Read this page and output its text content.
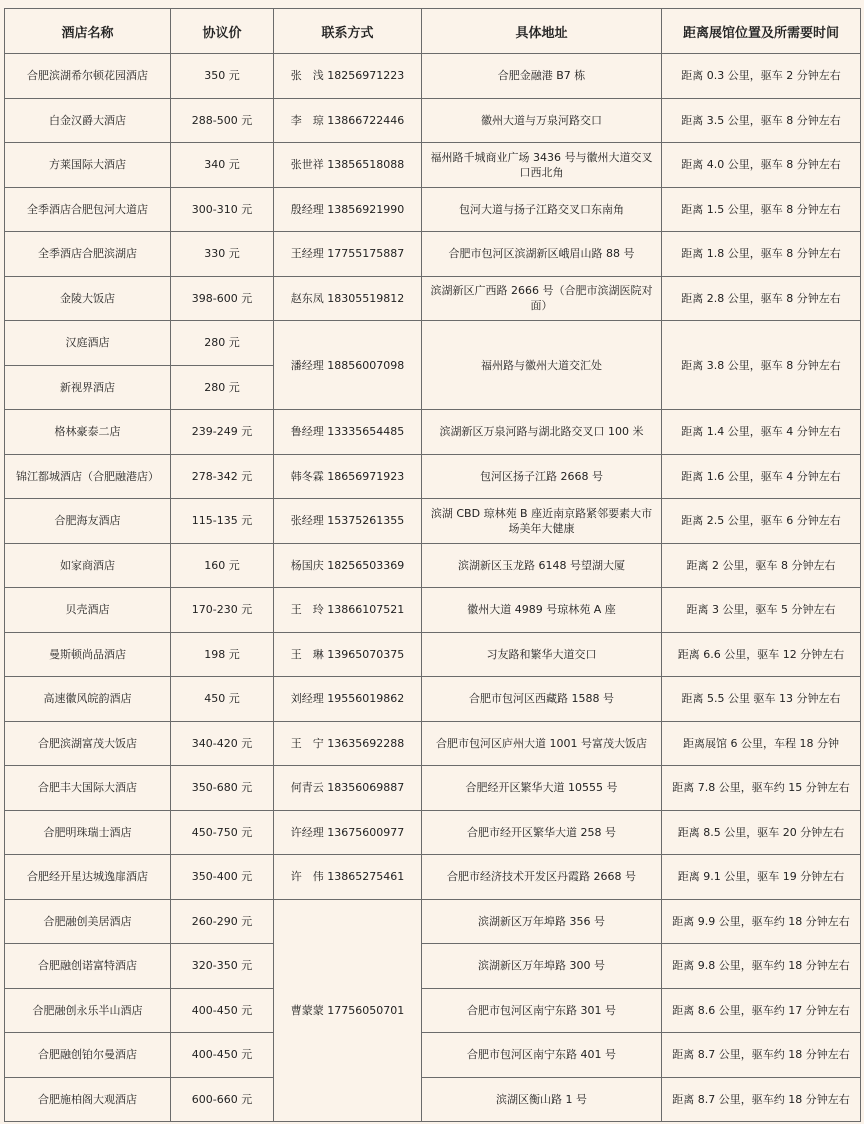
酒店名称	协议价	联系方式	具体地址	距离展馆位置及所需要时间
合肥滨湖希尔顿花园酒店	350 元	张　浅 18256971223	合肥金融港 B7 栋	距离 0.3 公里，驱车 2 分钟左右
白金汉爵大酒店	288-500 元	李　琼 13866722446	徽州大道与万泉河路交口	距离 3.5 公里，驱车 8 分钟左右
方莱国际大酒店	340 元	张世祥 13856518088	福州路千城商业广场 3436 号与徽州大道交叉口西北角	距离 4.0 公里，驱车 8 分钟左右
全季酒店合肥包河大道店	300-310 元	殷经理 13856921990	包河大道与扬子江路交叉口东南角	距离 1.5 公里，驱车 8 分钟左右
全季酒店合肥滨湖店	330 元	王经理 17755175887	合肥市包河区滨湖新区峨眉山路 88 号	距离 1.8 公里，驱车 8 分钟左右
金陵大饭店	398-600 元	赵东凤 18305519812	滨湖新区广西路 2666 号（合肥市滨湖医院对面）	距离 2.8 公里，驱车 8 分钟左右
汉庭酒店	280 元	潘经理 18856007098	福州路与徽州大道交汇处	距离 3.8 公里，驱车 8 分钟左右
新视界酒店	280 元			
格林豪泰二店	239-249 元	鲁经理 13335654485	滨湖新区万泉河路与湖北路交叉口 100 米	距离 1.4 公里，驱车 4 分钟左右
锦江都城酒店（合肥融港店）	278-342 元	韩冬霖 18656971923	包河区扬子江路 2668 号	距离 1.6 公里，驱车 4 分钟左右
合肥海友酒店	115-135 元	张经理 15375261355	滨湖 CBD 琼林苑 B 座近南京路紧邻要素大市场美年大健康	距离 2.5 公里，驱车 6 分钟左右
如家商酒店	160 元	杨国庆 18256503369	滨湖新区玉龙路 6148 号望湖大厦	距离 2 公里，驱车 8 分钟左右
贝壳酒店	170-230 元	王　玲 13866107521	徽州大道 4989 号琼林苑 A 座	距离 3 公里，驱车 5 分钟左右
曼斯顿尚品酒店	198 元	王　琳 13965070375	习友路和繁华大道交口	距离 6.6 公里，驱车 12 分钟左右
高速徽风皖韵酒店	450 元	刘经理 19556019862	合肥市包河区西藏路 1588 号	距离 5.5 公里 驱车 13 分钟左右
合肥滨湖富茂大饭店	340-420 元	王　宁 13635692288	合肥市包河区庐州大道 1001 号富茂大饭店	距离展馆 6 公里，车程 18 分钟
合肥丰大国际大酒店	350-680 元	何青云 18356069887	合肥经开区繁华大道 10555 号	距离 7.8 公里，驱车约 15 分钟左右
合肥明珠瑞士酒店	450-750 元	许经理 13675600977	合肥市经开区繁华大道 258 号	距离 8.5 公里，驱车 20 分钟左右
合肥经开星达城逸扉酒店	350-400 元	许　伟 13865275461	合肥市经济技术开发区丹霞路 2668 号	距离 9.1 公里，驱车 19 分钟左右
合肥融创美居酒店	260-290 元	曹蒙蒙 17756050701	滨湖新区万年埠路 356 号	距离 9.9 公里，驱车约 18 分钟左右
合肥融创诺富特酒店	320-350 元		滨湖新区万年埠路 300 号	距离 9.8 公里，驱车约 18 分钟左右
合肥融创永乐半山酒店	400-450 元		合肥市包河区南宁东路 301 号	距离 8.6 公里，驱车约 17 分钟左右
合肥融创铂尔曼酒店	400-450 元		合肥市包河区南宁东路 401 号	距离 8.7 公里，驱车约 18 分钟左右
合肥施柏阁大观酒店	600-660 元		滨湖区衡山路 1 号	距离 8.7 公里，驱车约 18 分钟左右
